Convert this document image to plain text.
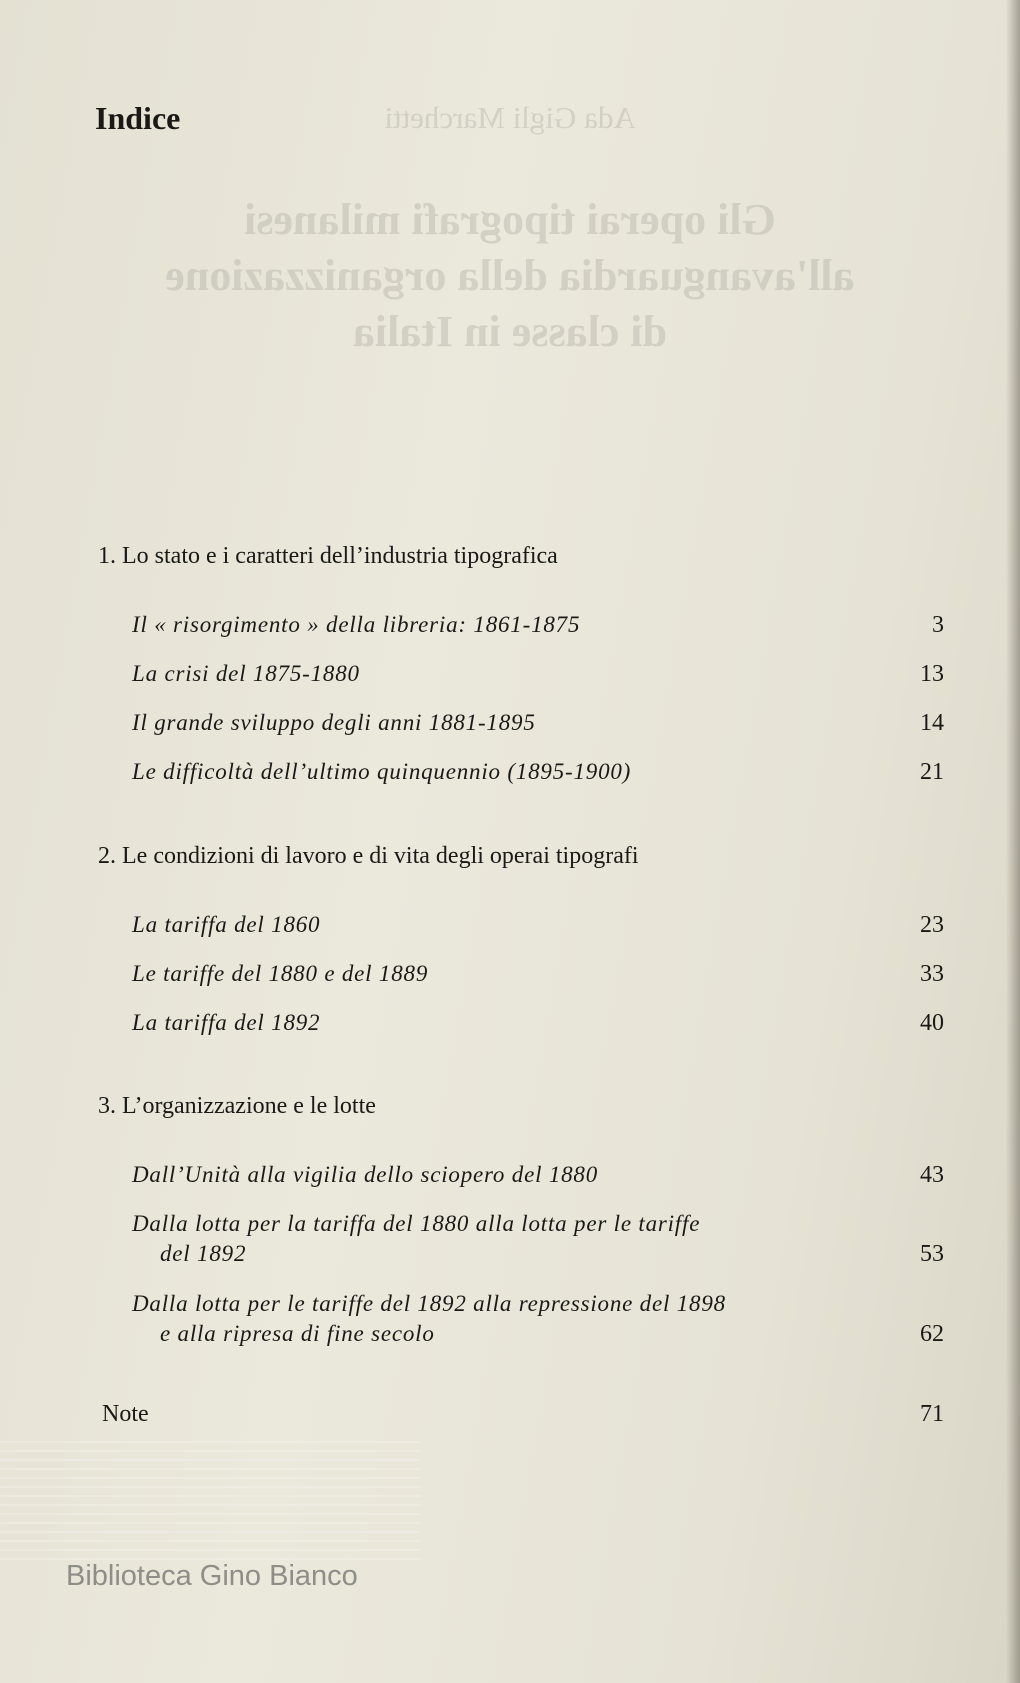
Ada Gigli Marchetti
Gli operai tipografi milanesi
all'avanguardia della organizzazione
di classe in Italia
Indice
1. Lo stato e i caratteri dell’industria tipografica
Il « risorgimento » della libreria: 1861-1875	3
La crisi del 1875-1880	13
Il grande sviluppo degli anni 1881-1895	14
Le difficoltà dell’ultimo quinquennio (1895-1900)	21
2. Le condizioni di lavoro e di vita degli operai tipografi
La tariffa del 1860	23
Le tariffe del 1880 e del 1889	33
La tariffa del 1892	40
3. L’organizzazione e le lotte
Dall’Unità alla vigilia dello sciopero del 1880	43
Dalla lotta per la tariffa del 1880 alla lotta per le tariffe
del 1892	53
Dalla lotta per le tariffe del 1892 alla repressione del 1898
e alla ripresa di fine secolo	62
Note	71
Biblioteca Gino Bianco
